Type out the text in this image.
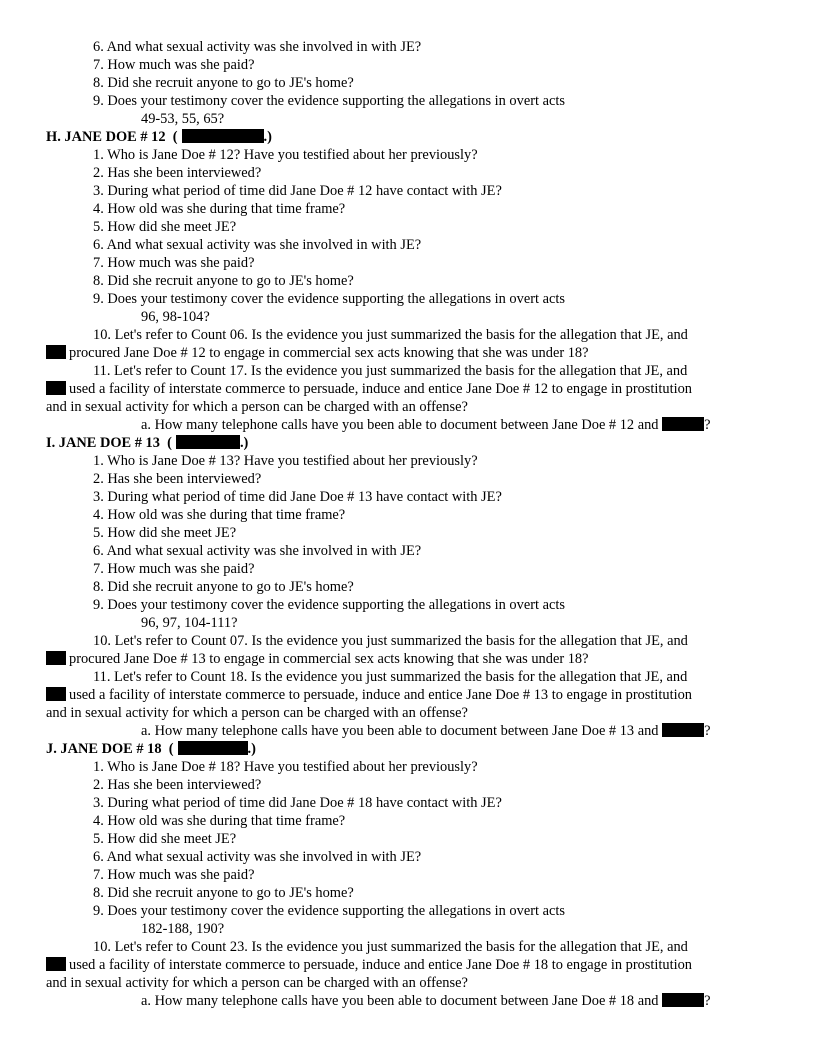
6. And what sexual activity was she involved in with JE?
7. How much was she paid?
8. Did she recruit anyone to go to JE's home?
9. Does your testimony cover the evidence supporting the allegations in overt acts
49-53, 55, 65?
H. JANE DOE # 12 (	.)
1. Who is Jane Doe # 12? Have you testified about her previously?
2. Has she been interviewed?
3. During what period of time did Jane Doe # 12 have contact with JE?
4. How old was she during that time frame?
5. How did she meet JE?
6. And what sexual activity was she involved in with JE?
7. How much was she paid?
8. Did she recruit anyone to go to JE's home?
9. Does your testimony cover the evidence supporting the allegations in overt acts
96, 98-104?
10. Let's refer to Count 06. Is the evidence you just summarized the basis for the allegation that JE, and
procured Jane Doe # 12 to engage in commercial sex acts knowing that she was under 18?
11. Let's refer to Count 17. Is the evidence you just summarized the basis for the allegation that JE, and
used a facility of interstate commerce to persuade, induce and entice Jane Doe # 12 to engage in prostitution
and in sexual activity for which a person can be charged with an offense?
a. How many telephone calls have you been able to document between Jane Doe # 12 and	?
I. JANE DOE # 13 (	.)
1. Who is Jane Doe # 13? Have you testified about her previously?
2. Has she been interviewed?
3. During what period of time did Jane Doe # 13 have contact with JE?
4. How old was she during that time frame?
5. How did she meet JE?
6. And what sexual activity was she involved in with JE?
7. How much was she paid?
8. Did she recruit anyone to go to JE's home?
9. Does your testimony cover the evidence supporting the allegations in overt acts
96, 97, 104-111?
10. Let's refer to Count 07. Is the evidence you just summarized the basis for the allegation that JE, and
procured Jane Doe # 13 to engage in commercial sex acts knowing that she was under 18?
11. Let's refer to Count 18. Is the evidence you just summarized the basis for the allegation that JE, and
used a facility of interstate commerce to persuade, induce and entice Jane Doe # 13 to engage in prostitution
and in sexual activity for which a person can be charged with an offense?
a. How many telephone calls have you been able to document between Jane Doe # 13 and	?
J. JANE DOE # 18 (	.)
1. Who is Jane Doe # 18? Have you testified about her previously?
2. Has she been interviewed?
3. During what period of time did Jane Doe # 18 have contact with JE?
4. How old was she during that time frame?
5. How did she meet JE?
6. And what sexual activity was she involved in with JE?
7. How much was she paid?
8. Did she recruit anyone to go to JE's home?
9. Does your testimony cover the evidence supporting the allegations in overt acts
182-188, 190?
10. Let's refer to Count 23. Is the evidence you just summarized the basis for the allegation that JE, and
used a facility of interstate commerce to persuade, induce and entice Jane Doe # 18 to engage in prostitution
and in sexual activity for which a person can be charged with an offense?
a. How many telephone calls have you been able to document between Jane Doe # 18 and	?
